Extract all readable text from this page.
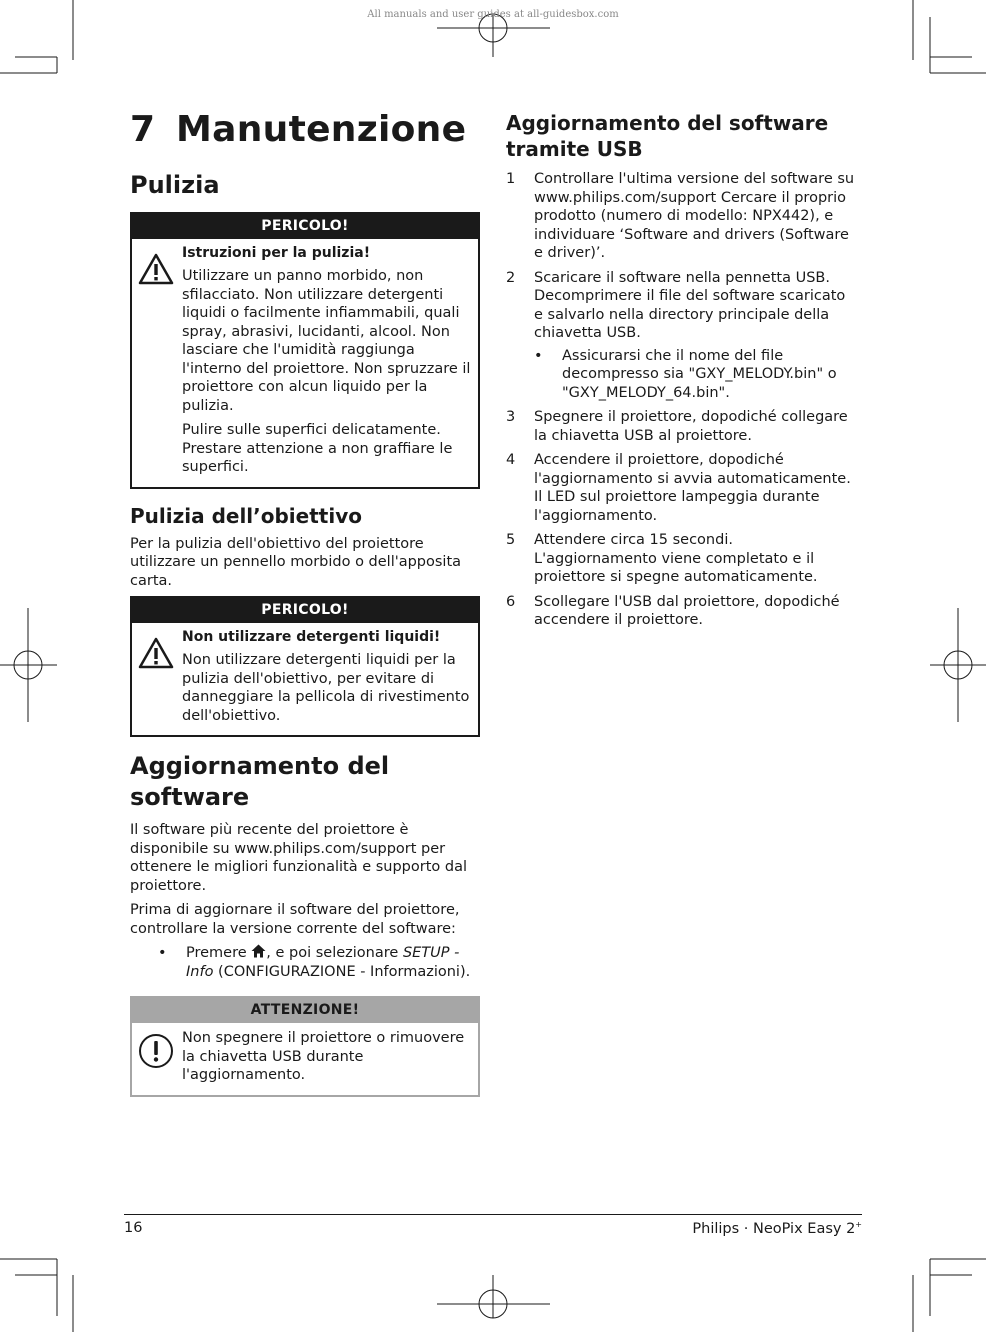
All manuals and user guides at all-guidesbox.com
7 Manutenzione
Pulizia
PERICOLO!
Istruzioni per la pulizia!

Utilizzare un panno morbido, non sfilacciato. Non utilizzare detergenti liquidi o facilmente infiammabili, quali spray, abrasivi, lucidanti, alcool. Non lasciare che l'umidità raggiunga l'interno del proiettore. Non spruzzare il proiettore con alcun liquido per la pulizia.

Pulire sulle superfici delicatamente. Prestare attenzione a non graffiare le superfici.

Pulizia dell’obiettivo

Per la pulizia dell'obiettivo del proiettore utilizzare un pennello morbido o dell'apposita carta.

PERICOLO!
Non utilizzare detergenti liquidi!

Non utilizzare detergenti liquidi per la pulizia dell'obiettivo, per evitare di danneggiare la pellicola di rivestimento dell'obiettivo.

Aggiornamento del software

Il software più recente del proiettore è disponibile su www.philips.com/support per ottenere le migliori funzionalità e supporto dal proiettore.

Prima di aggiornare il software del proiettore, controllare la versione corrente del software:

• Premere , e poi selezionare SETUP - Info (CONFIGURAZIONE - Informazioni).
ATTENZIONE!

Non spegnere il proiettore o rimuovere la chiavetta USB durante l'aggiornamento.

Aggiornamento del software tramite USB
1 Controllare l'ultima versione del software su www.philips.com/support Cercare il proprio prodotto (numero di modello: NPX442), e individuare ‘Software and drivers (Software e driver)’.
2 Scaricare il software nella pennetta USB. Decomprimere il file del software scaricato e salvarlo nella directory principale della chiavetta USB.
• Assicurarsi che il nome del file decompresso sia "GXY_MELODY.bin" o "GXY_MELODY_64.bin".
3 Spegnere il proiettore, dopodiché collegare la chiavetta USB al proiettore.
4 Accendere il proiettore, dopodiché l'aggiornamento si avvia automaticamente. Il LED sul proiettore lampeggia durante l'aggiornamento.
5 Attendere circa 15 secondi. L'aggiornamento viene completato e il proiettore si spegne automaticamente.
6 Scollegare l'USB dal proiettore, dopodiché accendere il proiettore.
16	Philips · NeoPix Easy 2+
